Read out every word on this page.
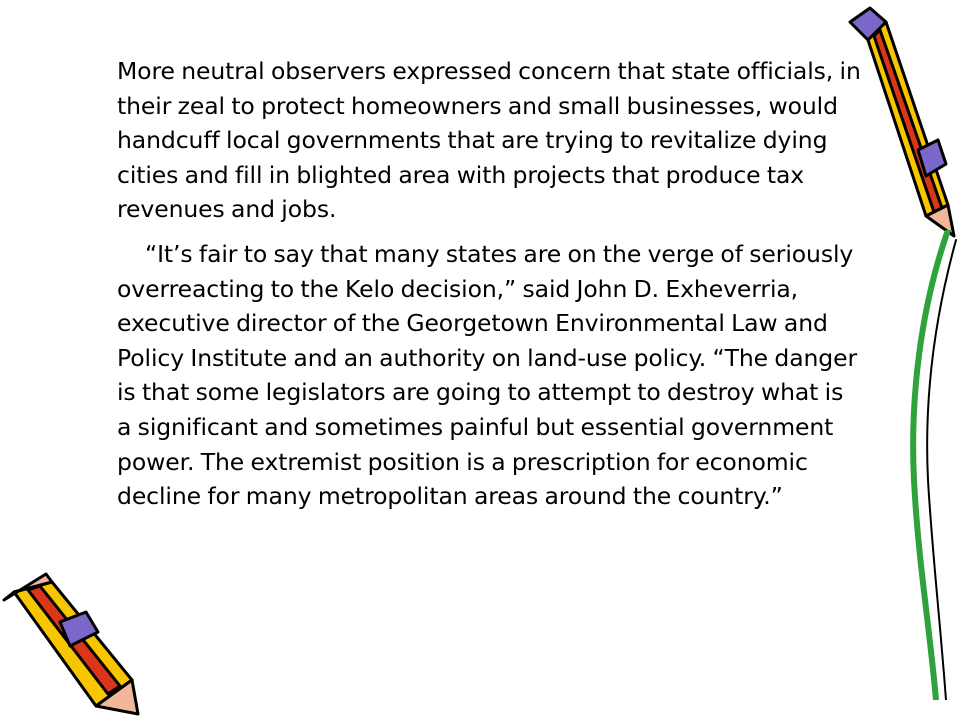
More neutral observers expressed concern that state officials, in their zeal to protect homeowners and small businesses, would handcuff local governments that are trying to revitalize dying cities and fill in blighted area with projects that produce tax revenues and jobs.

“It’s fair to say that many states are on the verge of seriously overreacting to the Kelo decision,” said John D. Exheverria, executive director of the Georgetown Environmental Law and Policy Institute and an authority on land-use policy. “The danger is that some legislators are going to attempt to destroy what is a significant and sometimes painful but essential government power. The extremist position is a prescription for economic decline for many metropolitan areas around the country.”
